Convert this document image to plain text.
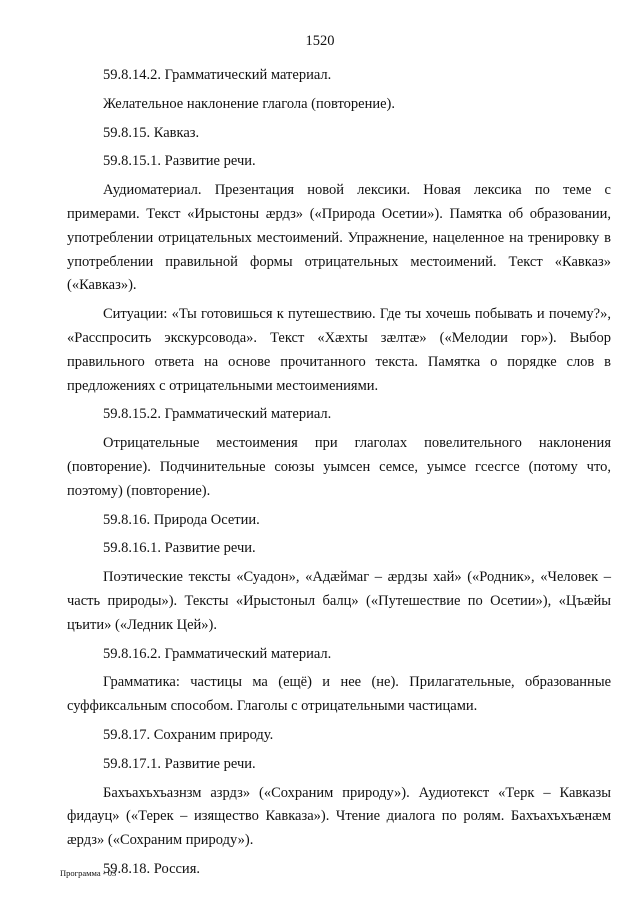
1520

59.8.14.2. Грамматический материал.

Желательное наклонение глагола (повторение).

59.8.15. Кавказ.

59.8.15.1. Развитие речи.

Аудиоматериал. Презентация новой лексики. Новая лексика по теме с примерами. Текст «Ирыстоны æрдз» («Природа Осетии»). Памятка об образовании, употреблении отрицательных местоимений. Упражнение, нацеленное на тренировку в употреблении правильной формы отрицательных местоимений. Текст «Кавказ» («Кавказ»).

Ситуации: «Ты готовишься к путешествию. Где ты хочешь побывать и почему?», «Расспросить экскурсовода». Текст «Хæхты зæлтæ» («Мелодии гор»). Выбор правильного ответа на основе прочитанного текста. Памятка о порядке слов в предложениях с отрицательными местоимениями.

59.8.15.2. Грамматический материал.

Отрицательные местоимения при глаголах повелительного наклонения (повторение). Подчинительные союзы уымсен семсе, уымсе гсесгсе (потому что, поэтому) (повторение).

59.8.16. Природа Осетии.

59.8.16.1. Развитие речи.

Поэтические тексты «Суадон», «Адæймаг – æрдзы хай» («Родник», «Человек – часть природы»). Тексты «Ирыстоныл балц» («Путешествие по Осетии»), «Цъæйы цъити» («Ледник Цей»).

59.8.16.2. Грамматический материал.

Грамматика: частицы ма (ещё) и нее (не). Прилагательные, образованные суффиксальным способом. Глаголы с отрицательными частицами.

59.8.17. Сохраним природу.

59.8.17.1. Развитие речи.

Бахъахъхъазнзм азрдз» («Сохраним природу»). Аудиотекст «Терк – Кавказы фидауц» («Терек – изящество Кавказа»). Чтение диалога по ролям. Бахъахъхъæнæм æрдз» («Сохраним природу»).

59.8.18. Россия.

Программа - 03
